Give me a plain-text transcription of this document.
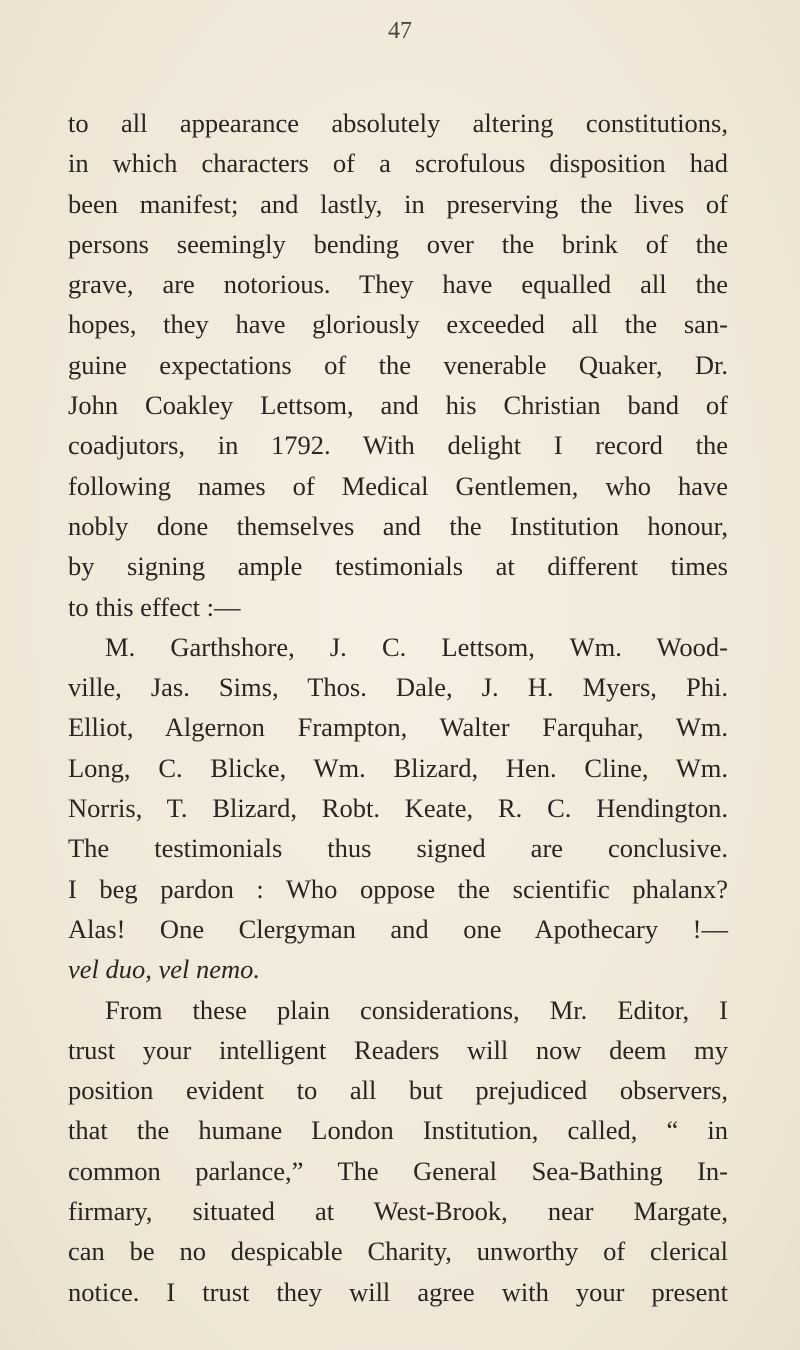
47
to all appearance absolutely altering constitutions,
in which characters of a scrofulous disposition had
been manifest; and lastly, in preserving the lives of
persons seemingly bending over the brink of the
grave, are notorious. They have equalled all the
hopes, they have gloriously exceeded all the san-
guine expectations of the venerable Quaker, Dr.
John Coakley Lettsom, and his Christian band of
coadjutors, in 1792. With delight I record the
following names of Medical Gentlemen, who have
nobly done themselves and the Institution honour,
by signing ample testimonials at different times
to this effect :—
M. Garthshore, J. C. Lettsom, Wm. Wood-
ville, Jas. Sims, Thos. Dale, J. H. Myers, Phi.
Elliot, Algernon Frampton, Walter Farquhar, Wm.
Long, C. Blicke, Wm. Blizard, Hen. Cline, Wm.
Norris, T. Blizard, Robt. Keate, R. C. Hendington.
The testimonials thus signed are conclusive.
I beg pardon : Who oppose the scientific phalanx?
Alas! One Clergyman and one Apothecary !—
vel duo, vel nemo.
From these plain considerations, Mr. Editor, I
trust your intelligent Readers will now deem my
position evident to all but prejudiced observers,
that the humane London Institution, called, “ in
common parlance,” The General Sea-Bathing In-
firmary, situated at West-Brook, near Margate,
can be no despicable Charity, unworthy of clerical
notice. I trust they will agree with your present
